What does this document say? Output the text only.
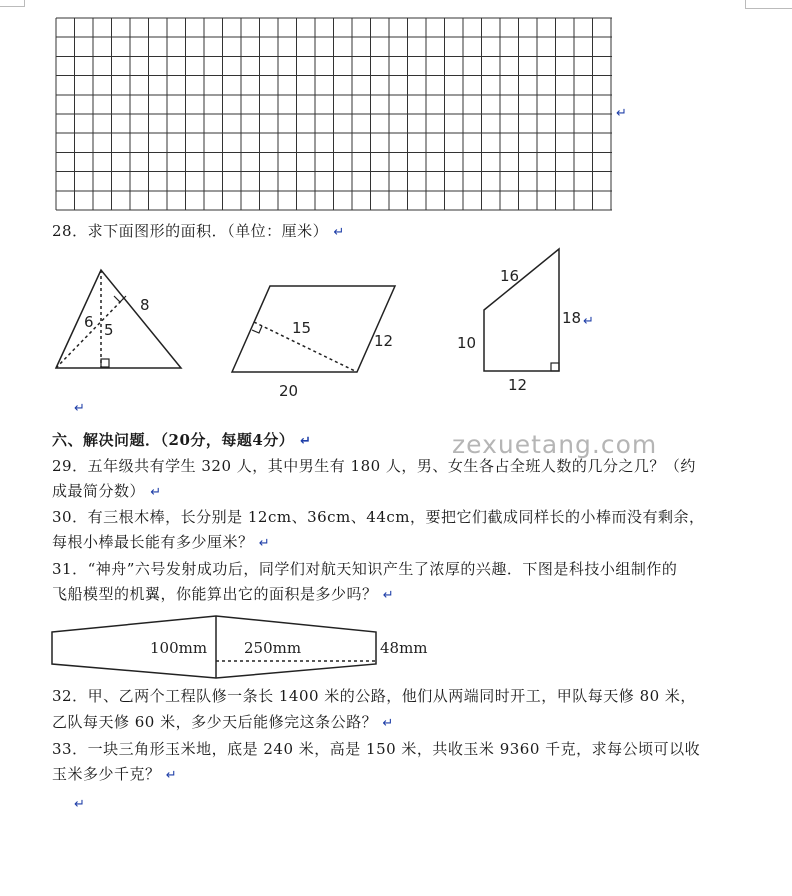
↵
28．求下面图形的面积．（单位：厘米） ↵
6 5
8
15
12
20
16
18
10
12
↵
↵
六、解决问题．（20分，每题4分） ↵	zexuetang.com
29．五年级共有学生 320 人，其中男生有 180 人，男、女生各占全班人数的几分之几？（约
成最简分数） ↵
30．有三根木棒，长分别是 12cm、36cm、44cm，要把它们截成同样长的小棒而没有剩余，
每根小棒最长能有多少厘米？ ↵
31．“神舟”六号发射成功后，同学们对航天知识产生了浓厚的兴趣．下图是科技小组制作的
飞船模型的机翼，你能算出它的面积是多少吗？ ↵
100mm 250mm	48mm
32．甲、乙两个工程队修一条长 1400 米的公路，他们从两端同时开工，甲队每天修 80 米，
乙队每天修 60 米，多少天后能修完这条公路？ ↵
33．一块三角形玉米地，底是 240 米，高是 150 米，共收玉米 9360 千克，求每公顷可以收
玉米多少千克？ ↵
↵
